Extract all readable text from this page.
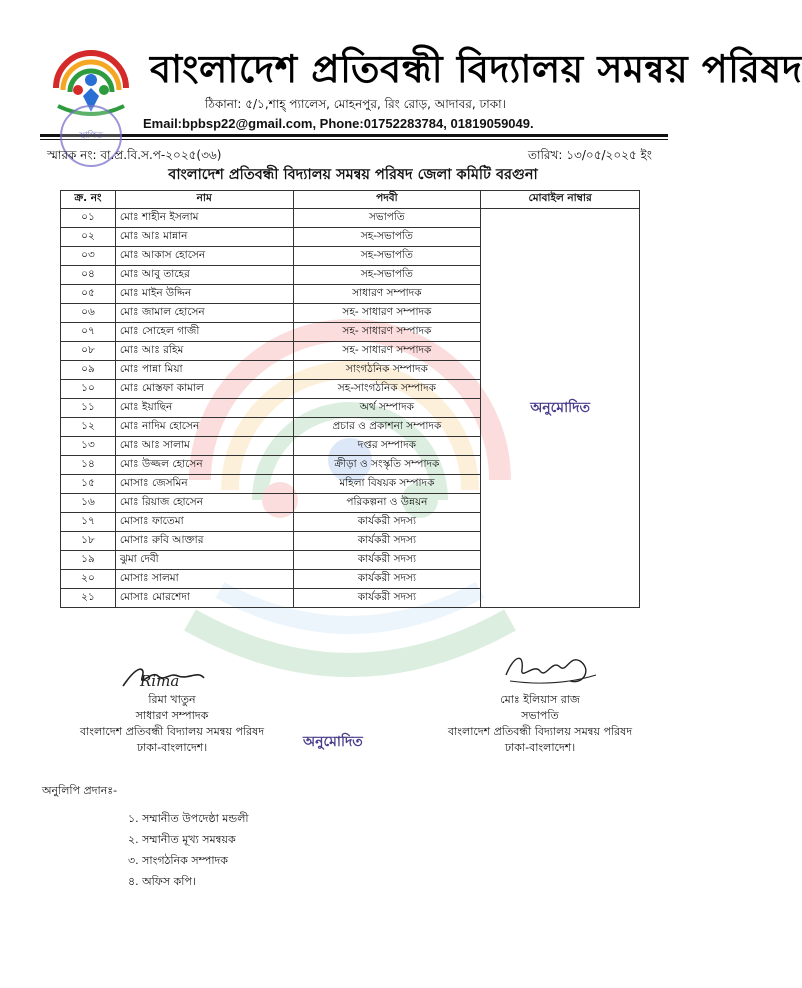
বাংলাদেশ প্রতিবন্ধী বিদ্যালয় সমন্বয় পরিষদ
ঠিকানা: ৫/১,শাহ্ প্যালেস, মোহনপুর, রিং রোড়, আদাবর, ঢাকা।
Email:bpbsp22@gmail.com, Phone:01752283784, 01819059049.
স্থাপিত
স্মারক নং: বা.প্র.বি.স.প-২০২৫(৩৬)	তারিখ: ১৩/০৫/২০২৫ ইং
বাংলাদেশ প্রতিবন্ধী বিদ্যালয় সমন্বয় পরিষদ জেলা কমিটি বরগুনা
ক্র. নং	নাম	পদবী	মোবাইল নাম্বার
০১	মোঃ শাহীন ইসলাম	সভাপতি	অনুমোদিত
০২	মোঃ আঃ মান্নান	সহ-সভাপতি	
০৩	মোঃ আকাস হোসেন	সহ-সভাপতি	
০৪	মোঃ আবু তাহের	সহ-সভাপতি	
০৫	মোঃ মাইন উদ্দিন	সাধারণ সম্পাদক	
০৬	মোঃ জামাল হোসেন	সহ- সাধারণ সম্পাদক	
০৭	মোঃ সোহেল গাজী	সহ- সাধারণ সম্পাদক	
০৮	মোঃ আঃ রহিম	সহ- সাধারণ সম্পাদক	
০৯	মোঃ পান্না মিয়া	সাংগঠনিক সম্পাদক	
১০	মোঃ মোস্তফা কামাল	সহ-সাংগঠনিক সম্পাদক	
১১	মোঃ ইয়াছিন	অর্থ সম্পাদক	
১২	মোঃ নাদিম হোসেন	প্রচার ও প্রকাশনা সম্পাদক	
১৩	মোঃ আঃ সালাম	দপ্তর সম্পাদক	
১৪	মোঃ উজ্জল হোসেন	ক্রীড়া ও সংস্কৃতি সম্পাদক	
১৫	মোসাঃ জেসমিন	মহিলা বিষয়ক সম্পাদক	
১৬	মোঃ রিয়াজ হোসেন	পরিকল্পনা ও উন্নয়ন	
১৭	মোসাঃ ফাতেমা	কার্যকরী সদস্য	
১৮	মোসাঃ রুবি আক্তার	কার্যকরী সদস্য	
১৯	ঝুমা দেবী	কার্যকরী সদস্য	
২০	মোসাঃ সালমা	কার্যকরী সদস্য	
২১	মোসাঃ মোরশেদা	কার্যকরী সদস্য	
Rima
রিমা খাতুন
সাধারণ সম্পাদক
বাংলাদেশ প্রতিবন্ধী বিদ্যালয় সমন্বয় পরিষদ
ঢাকা-বাংলাদেশ।	অনুমোদিত
মোঃ ইলিয়াস রাজ
সভাপতি
বাংলাদেশ প্রতিবন্ধী বিদ্যালয় সমন্বয় পরিষদ
ঢাকা-বাংলাদেশ।
অনুলিপি প্রদানঃ-
১. সম্মানীত উপদেষ্ঠা মন্ডলী
২. সম্মানীত মূখ্য সমন্বয়ক
৩. সাংগঠনিক সম্পাদক
৪. অফিস কপি।
